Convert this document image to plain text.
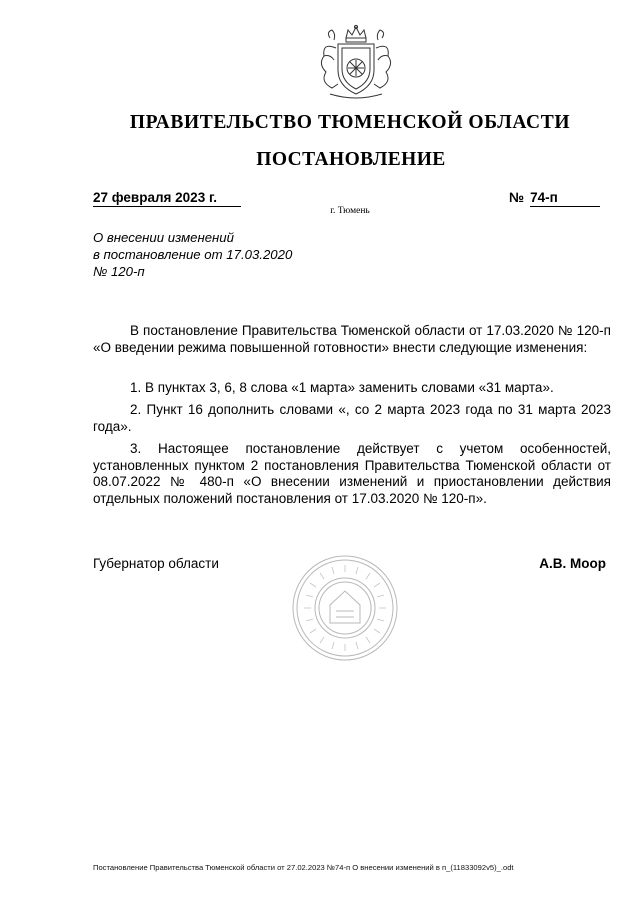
ПРАВИТЕЛЬСТВО ТЮМЕНСКОЙ ОБЛАСТИ
ПОСТАНОВЛЕНИЕ
27 февраля 2023 г.	№ 74-п
г. Тюмень
О внесении изменений
в постановление от 17.03.2020
№ 120-п
В постановление Правительства Тюменской области от 17.03.2020 № 120-п «О введении режима повышенной готовности» внести следующие изменения:
1. В пунктах 3, 6, 8 слова «1 марта» заменить словами «31 марта».
2. Пункт 16 дополнить словами «, со 2 марта 2023 года по 31 марта 2023 года».
3. Настоящее постановление действует с учетом особенностей, установленных пунктом 2 постановления Правительства Тюменской области от 08.07.2022 № 480-п «О внесении изменений и приостановлении действия отдельных положений постановления от 17.03.2020 № 120-п».
Губернатор области	А.В. Моор
Постановление Правительства Тюменской области от 27.02.2023 №74-п О внесении изменений в п_(11833092v5)_.odt
